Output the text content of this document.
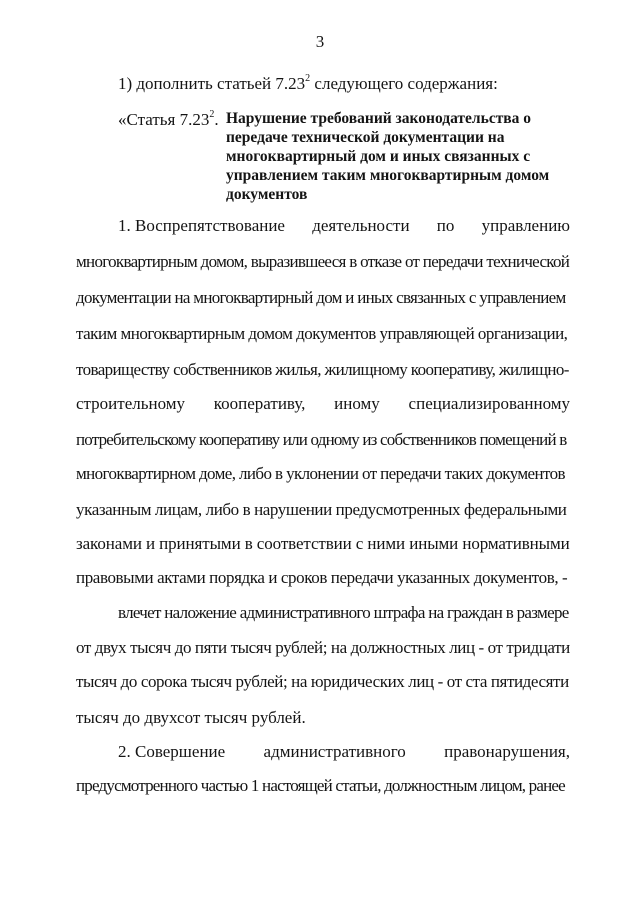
3
1) дополнить статьей 7.23$^2$ следующего содержания:
«Статья 7.23$^2$. Нарушение требований законодательства о
передаче технической документации на
многоквартирный дом и иных связанных с
управлением таким многоквартирным домом
документов
1. Воспрепятствование деятельности по управлению
многоквартирным домом, выразившееся в отказе от передачи технической
документации на многоквартирный дом и иных связанных с управлением
таким многоквартирным домом документов управляющей организации,
товариществу собственников жилья, жилищному кооперативу, жилищно-
строительному кооперативу, иному специализированному
потребительскому кооперативу или одному из собственников помещений в
многоквартирном доме, либо в уклонении от передачи таких документов
указанным лицам, либо в нарушении предусмотренных федеральными
законами и принятыми в соответствии с ними иными нормативными
правовыми актами порядка и сроков передачи указанных документов, -
влечет наложение административного штрафа на граждан в размере
от двух тысяч до пяти тысяч рублей; на должностных лиц - от тридцати
тысяч до сорока тысяч рублей; на юридических лиц - от ста пятидесяти
тысяч до двухсот тысяч рублей.
2. Совершение административного правонарушения,
предусмотренного частью 1 настоящей статьи, должностным лицом, ранее
